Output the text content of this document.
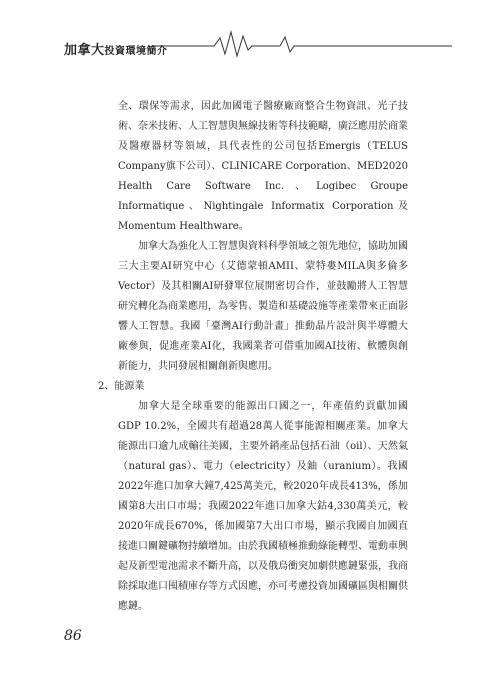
加拿大投資環境簡介

全、環保等需求，因此加國電子醫療廠商整合生物資訊、光子技術、奈米技術、人工智慧與無線技術等科技範疇，廣泛應用於商業及醫療器材等領域，具代表性的公司包括Emergis（TELUS Company旗下公司）、CLINICARE Corporation、MED2020 Health Care Software Inc.、Logibec Groupe Informatique、Nightingale Informatix Corporation及Momentum Healthware。

加拿大為強化人工智慧與資料科學領域之領先地位，協助加國三大主要AI研究中心（艾德蒙頓AMII、蒙特婁MILA與多倫多Vector）及其相關AI研發單位展開密切合作，並鼓勵將人工智慧研究轉化為商業應用，為零售、製造和基礎設施等產業帶來正面影響人工智慧。我國「臺灣AI行動計畫」推動晶片設計與半導體大廠參與，促進產業AI化，我國業者可借重加國AI技術、軟體與創新能力，共同發展相關創新與應用。

2、能源業

加拿大是全球重要的能源出口國之一，年產值約貢獻加國GDP 10.2%，全國共有超過28萬人從事能源相關產業。加拿大能源出口逾九成輸往美國，主要外銷產品包括石油（oil）、天然氣（natural gas）、電力（electricity）及鈾（uranium）。我國2022年進口加拿大鐘7,425萬美元，較2020年成長413%，係加國第8大出口市場；我國2022年進口加拿大鈷4,330萬美元，較2020年成長670%，係加國第7大出口市場，顯示我國自加國直接進口關鍵礦物持續增加。由於我國積極推動綠能轉型、電動車興起及新型電池需求不斷升高，以及俄烏衝突加劇供應鏈緊張，我商除採取進口囤積庫存等方式因應，亦可考慮投資加國礦區與相關供應鏈。

86
